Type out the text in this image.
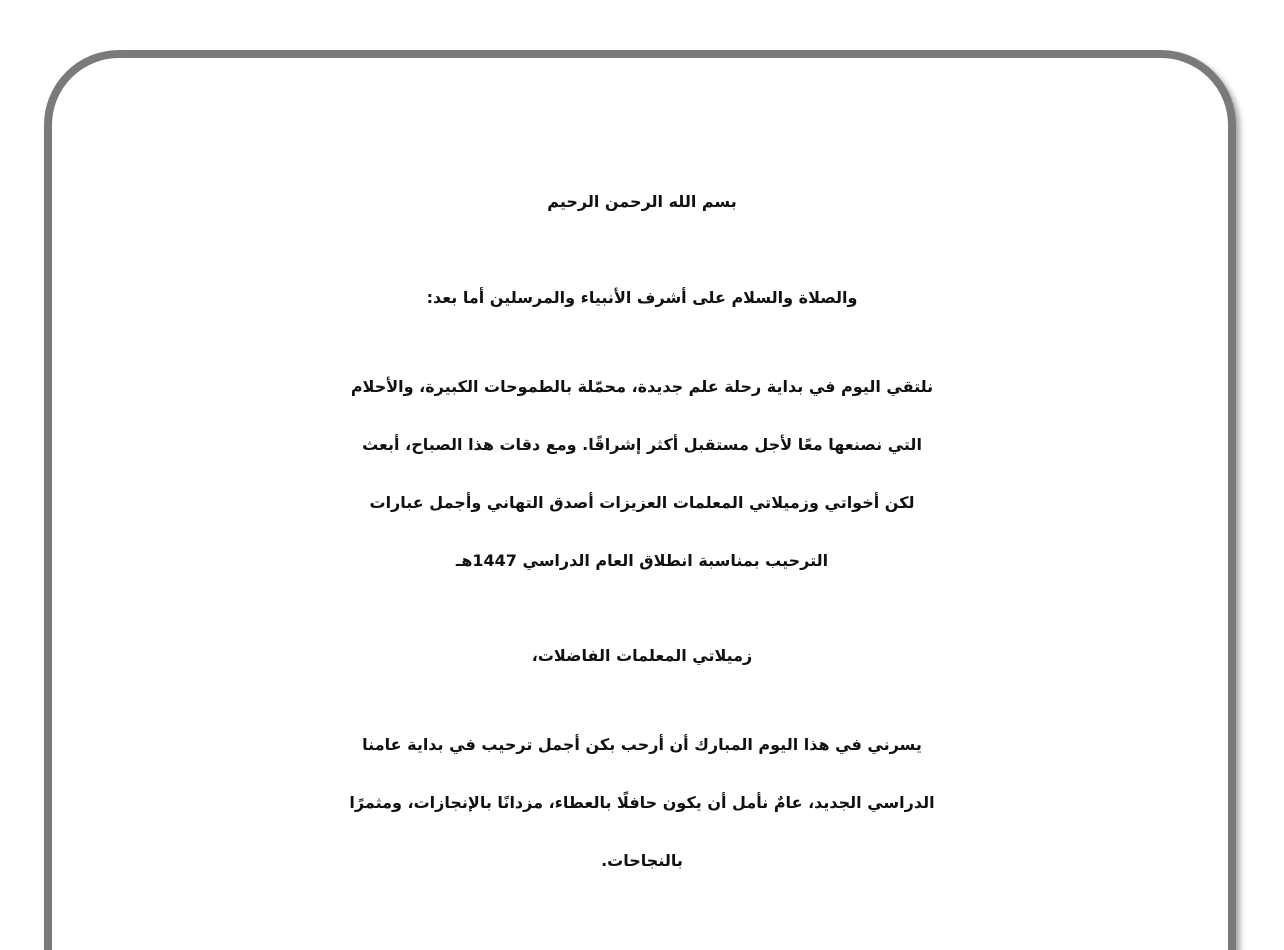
بسم الله الرحمن الرحيم

والصلاة والسلام على أشرف الأنبياء والمرسلين أما بعد:

نلتقي اليوم في بداية رحلة علم جديدة، محمّلة بالطموحات الكبيرة، والأحلام

التي نصنعها معًا لأجل مستقبل أكثر إشراقًا. ومع دقات هذا الصباح، أبعث

لكن أخواتي وزميلاتي المعلمات العزيزات أصدق التهاني وأجمل عبارات

الترحيب بمناسبة انطلاق العام الدراسي 1447هـ

زميلاتي المعلمات الفاضلات،

يسرني في هذا اليوم المبارك أن أرحب بكن أجمل ترحيب في بداية عامنا

الدراسي الجديد، عامٌ نأمل أن يكون حافلًا بالعطاء، مزدانًا بالإنجازات، ومثمرًا

بالنجاحات.
